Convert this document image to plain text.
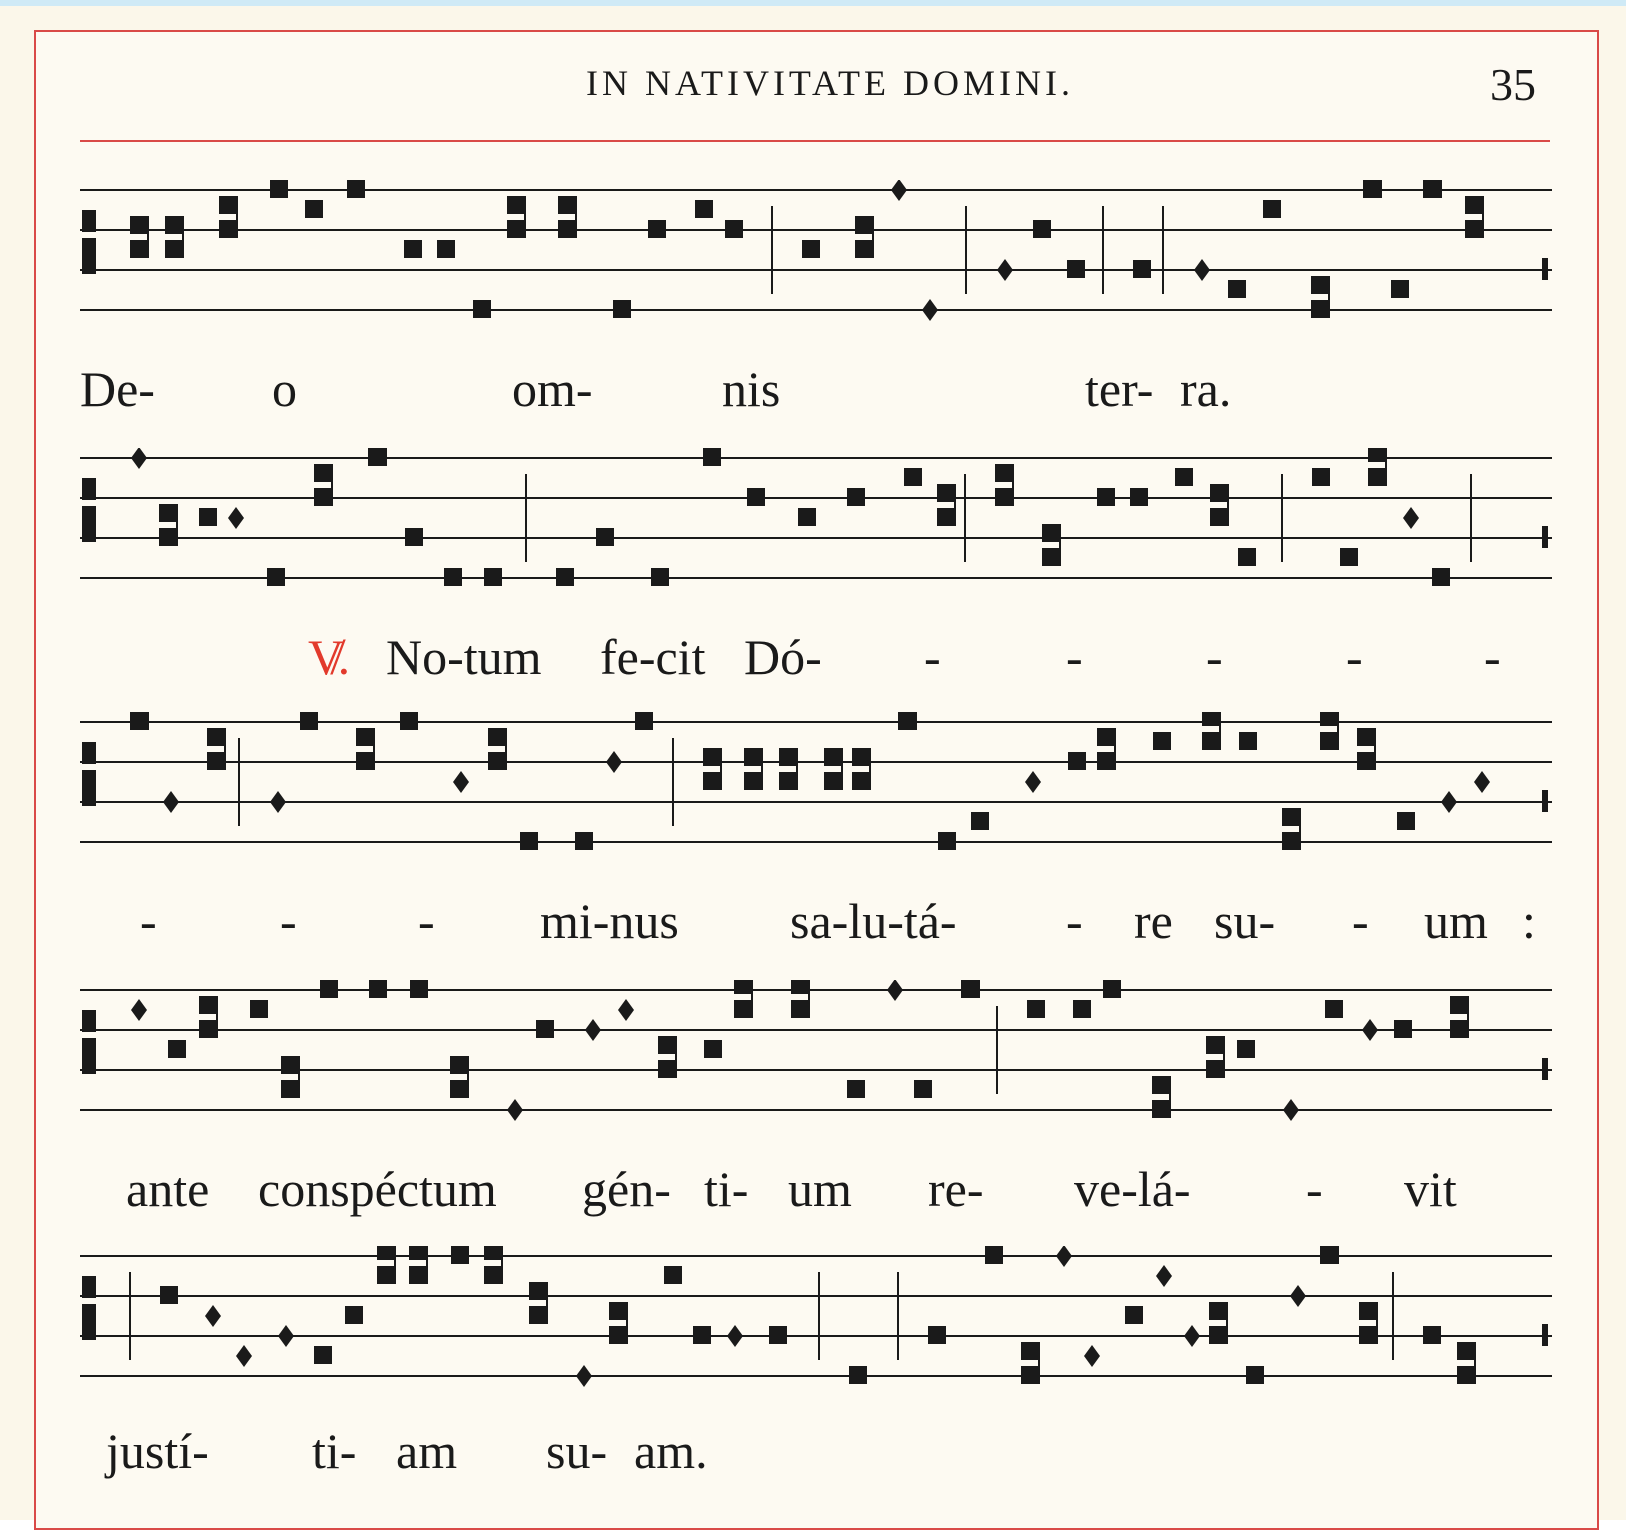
IN NATIVITATE DOMINI.	35
De- o	om-	nis	ter- ra.
V̸. No-tum fe-cit Dó- -	- - - -
- - - mi-nus sa-lu-tá- - re su- - um :
ante conspéctum gén- ti- um re- ve-lá- - vit
justí- ti- am su- am.
